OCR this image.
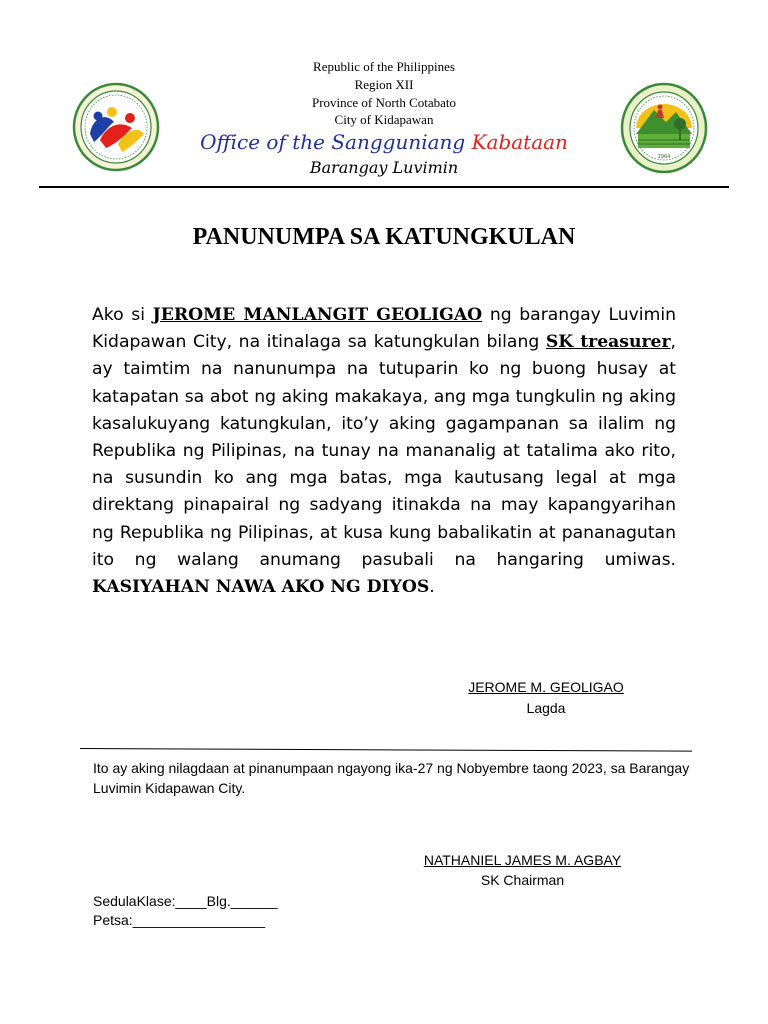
1964
Republic of the Philippines
Region XII
Province of North Cotabato
City of Kidapawan
Office of the Sangguniang Kabataan
Barangay Luvimin
PANUNUMPA SA KATUNGKULAN
Ako si JEROME MANLANGIT GEOLIGAO ng barangay Luvimin Kidapawan City, na itinalaga sa katungkulan bilang SK treasurer, ay taimtim na nanunumpa na tutuparin ko ng buong husay at katapatan sa abot ng aking makakaya, ang mga tungkulin ng aking kasalukuyang katungkulan, ito’y aking gagampanan sa ilalim ng Republika ng Pilipinas, na tunay na mananalig at tatalima ako rito, na susundin ko ang mga batas, mga kautusang legal at mga direktang pinapairal ng sadyang itinakda na may kapangyarihan ng Republika ng Pilipinas, at kusa kung babalikatin at pananagutan ito ng walang anumang pasubali na hangaring umiwas. KASIYAHAN NAWA AKO NG DIYOS.
JEROME M. GEOLIGAO
Lagda
Ito ay aking nilagdaan at pinanumpaan ngayong ika-27 ng Nobyembre taong 2023, sa Barangay Luvimin Kidapawan City.
NATHANIEL JAMES M. AGBAY
SK Chairman
SedulaKlase:____Blg.______
Petsa:_________________
